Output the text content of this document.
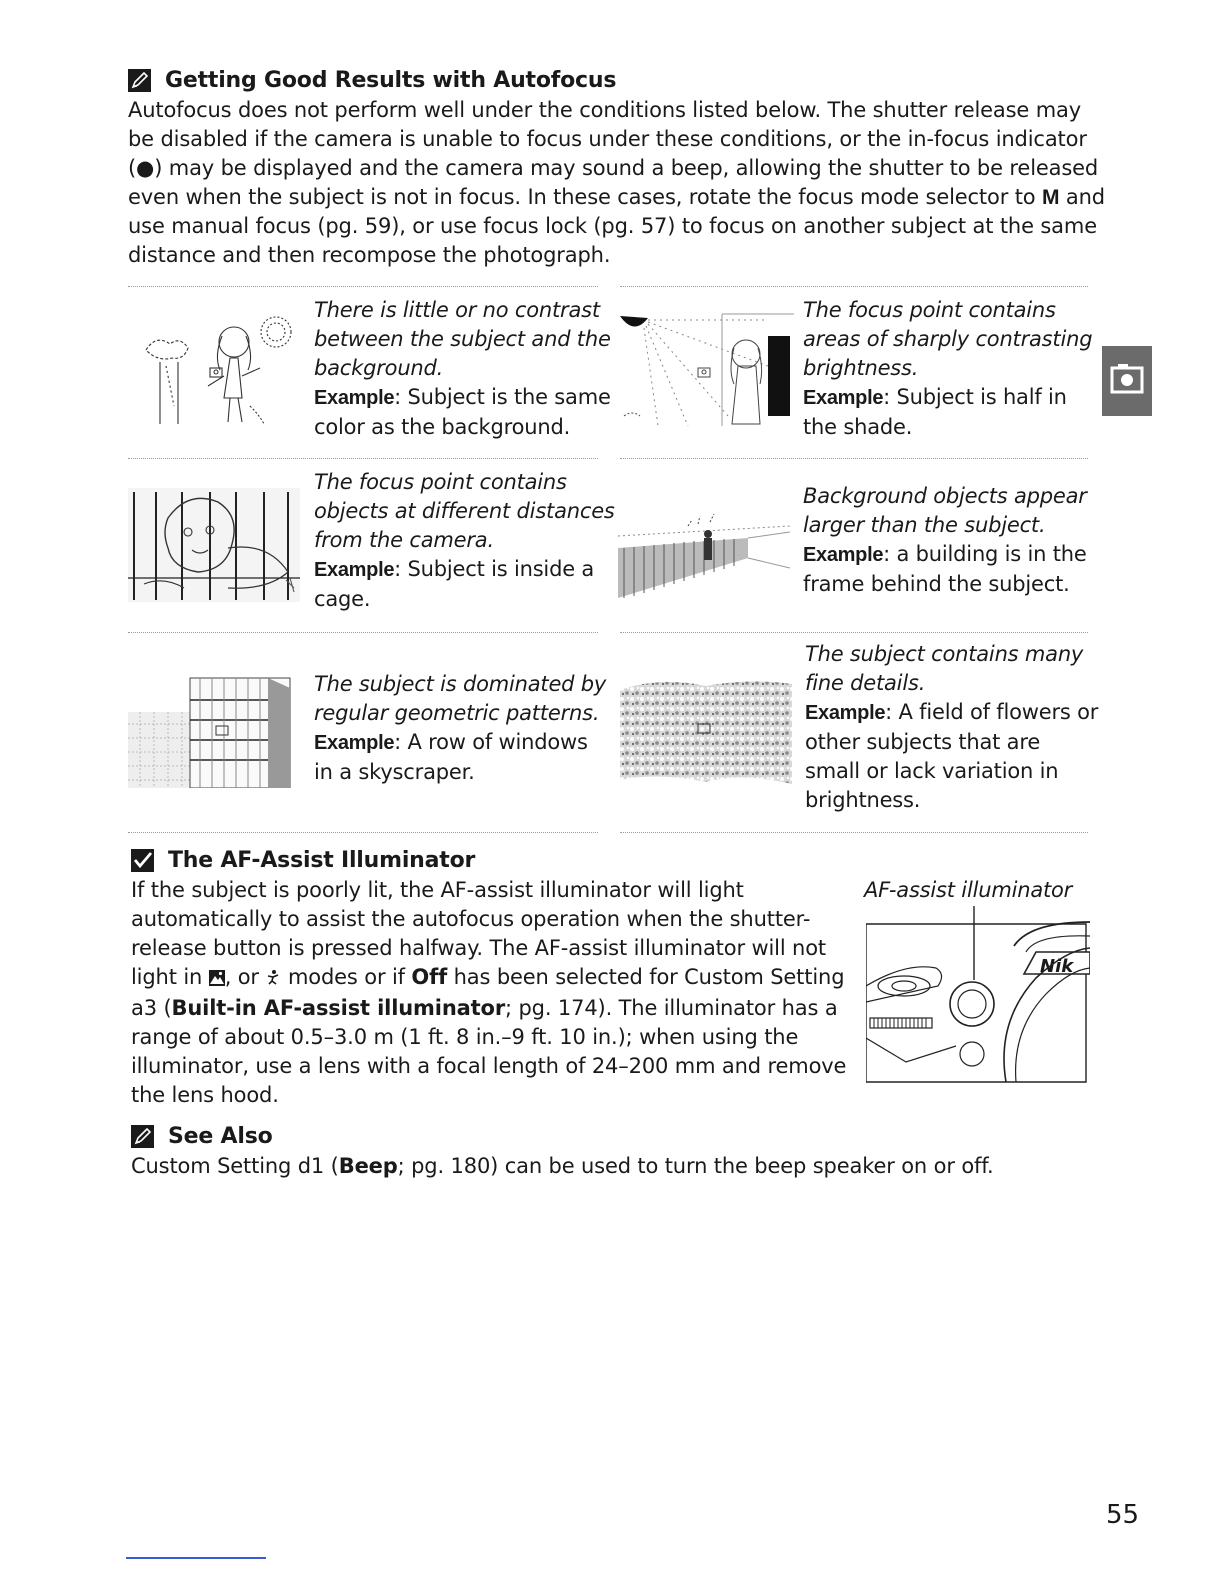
Getting Good Results with Autofocus
Autofocus does not perform well under the conditions listed below. The shutter release may
be disabled if the camera is unable to focus under these conditions, or the in-focus indicator
(●) may be displayed and the camera may sound a beep, allowing the shutter to be released
even when the subject is not in focus. In these cases, rotate the focus mode selector to M and
use manual focus (pg. 59), or use focus lock (pg. 57) to focus on another subject at the same
distance and then recompose the photograph.
There is little or no contrast
between the subject and the
background.
Example: Subject is the same
color as the background.
The focus point contains
areas of sharply contrasting
brightness.
Example: Subject is half in
the shade.
The focus point contains
objects at different distances
from the camera.
Example: Subject is inside a
cage.
Background objects appear
larger than the subject.
Example: a building is in the
frame behind the subject.
The subject is dominated by
regular geometric patterns.
Example: A row of windows
in a skyscraper.
The subject contains many
fine details.
Example: A field of flowers or
other subjects that are
small or lack variation in
brightness.
The AF-Assist Illuminator
If the subject is poorly lit, the AF-assist illuminator will light
automatically to assist the autofocus operation when the shutter-
release button is pressed halfway. The AF-assist illuminator will not
light in , or  modes or if Off has been selected for Custom Setting
a3 (Built-in AF-assist illuminator; pg. 174). The illuminator has a
range of about 0.5–3.0 m (1 ft. 8 in.–9 ft. 10 in.); when using the
illuminator, use a lens with a focal length of 24–200 mm and remove
the lens hood.
AF-assist illuminator
Nik
See Also
Custom Setting d1 (Beep; pg. 180) can be used to turn the beep speaker on or off.
55
